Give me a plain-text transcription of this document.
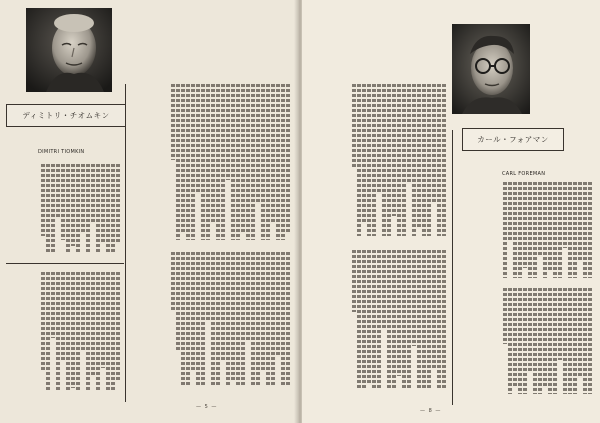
ディミトリ・チオムキン
DIMITRI TIOMKIN
— 5 —
カール・フォアマン
CARL FOREMAN
— 8 —
